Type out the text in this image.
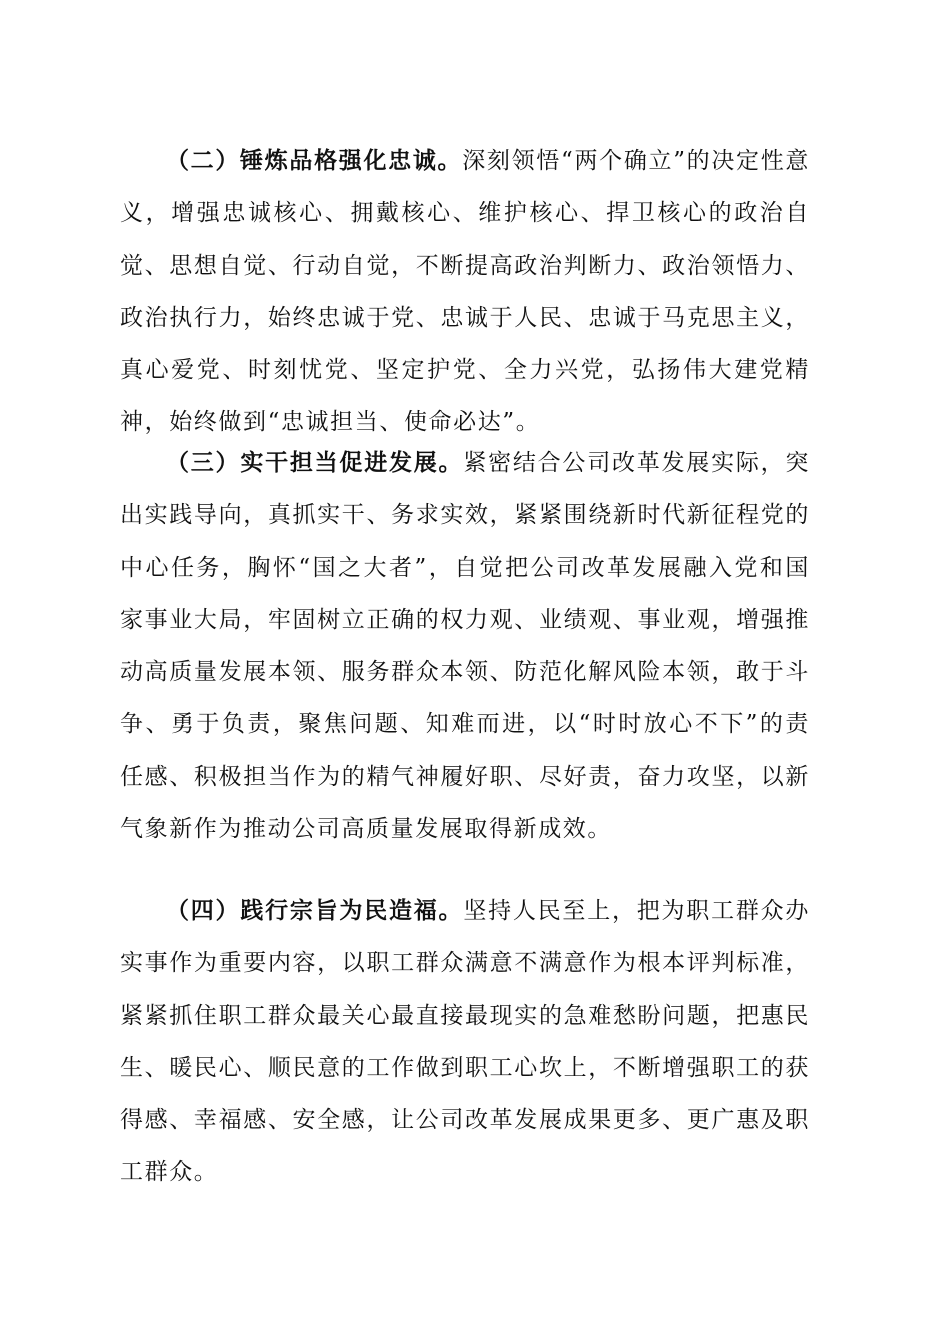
（二）锤炼品格强化忠诚。深刻领悟“两个确立”的决定性意义，增强忠诚核心、拥戴核心、维护核心、捍卫核心的政治自觉、思想自觉、行动自觉，不断提高政治判断力、政治领悟力、政治执行力，始终忠诚于党、忠诚于人民、忠诚于马克思主义，真心爱党、时刻忧党、坚定护党、全力兴党，弘扬伟大建党精神，始终做到“忠诚担当、使命必达”。

（三）实干担当促进发展。紧密结合公司改革发展实际，突出实践导向，真抓实干、务求实效，紧紧围绕新时代新征程党的中心任务，胸怀“国之大者”，自觉把公司改革发展融入党和国家事业大局，牢固树立正确的权力观、业绩观、事业观，增强推动高质量发展本领、服务群众本领、防范化解风险本领，敢于斗争、勇于负责，聚焦问题、知难而进，以“时时放心不下”的责任感、积极担当作为的精气神履好职、尽好责，奋力攻坚，以新气象新作为推动公司高质量发展取得新成效。

（四）践行宗旨为民造福。坚持人民至上，把为职工群众办实事作为重要内容，以职工群众满意不满意作为根本评判标准，紧紧抓住职工群众最关心最直接最现实的急难愁盼问题，把惠民生、暖民心、顺民意的工作做到职工心坎上，不断增强职工的获得感、幸福感、安全感，让公司改革发展成果更多、更广惠及职工群众。
